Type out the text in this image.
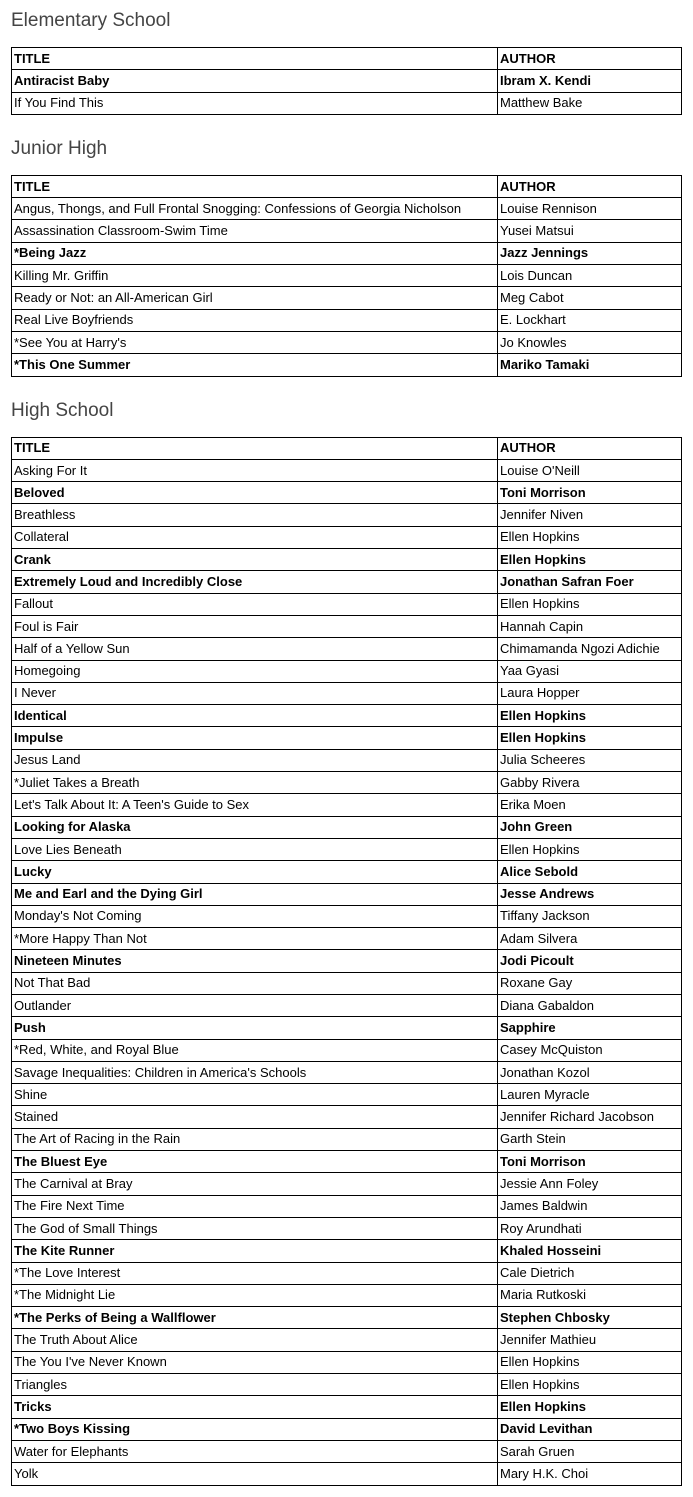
Elementary School
TITLE	AUTHOR
Antiracist Baby	Ibram X. Kendi
If You Find This	Matthew Bake
Junior High
TITLE	AUTHOR
Angus, Thongs, and Full Frontal Snogging: Confessions of Georgia Nicholson	Louise Rennison
Assassination Classroom-Swim Time	Yusei Matsui
*Being Jazz	Jazz Jennings
Killing Mr. Griffin	Lois Duncan
Ready or Not: an All-American Girl	Meg Cabot
Real Live Boyfriends	E. Lockhart
*See You at Harry's	Jo Knowles
*This One Summer	Mariko Tamaki
High School
TITLE	AUTHOR
Asking For It	Louise O'Neill
Beloved	Toni Morrison
Breathless	Jennifer Niven
Collateral	Ellen Hopkins
Crank	Ellen Hopkins
Extremely Loud and Incredibly Close	Jonathan Safran Foer
Fallout	Ellen Hopkins
Foul is Fair	Hannah Capin
Half of a Yellow Sun	Chimamanda Ngozi Adichie
Homegoing	Yaa Gyasi
I Never	Laura Hopper
Identical	Ellen Hopkins
Impulse	Ellen Hopkins
Jesus Land	Julia Scheeres
*Juliet Takes a Breath	Gabby Rivera
Let's Talk About It: A Teen's Guide to Sex	Erika Moen
Looking for Alaska	John Green
Love Lies Beneath	Ellen Hopkins
Lucky	Alice Sebold
Me and Earl and the Dying Girl	Jesse Andrews
Monday's Not Coming	Tiffany Jackson
*More Happy Than Not	Adam Silvera
Nineteen Minutes	Jodi Picoult
Not That Bad	Roxane Gay
Outlander	Diana Gabaldon
Push	Sapphire
*Red, White, and Royal Blue	Casey McQuiston
Savage Inequalities: Children in America's Schools	Jonathan Kozol
Shine	Lauren Myracle
Stained	Jennifer Richard Jacobson
The Art of Racing in the Rain	Garth Stein
The Bluest Eye	Toni Morrison
The Carnival at Bray	Jessie Ann Foley
The Fire Next Time	James Baldwin
The God of Small Things	Roy Arundhati
The Kite Runner	Khaled Hosseini
*The Love Interest	Cale Dietrich
*The Midnight Lie	Maria Rutkoski
*The Perks of Being a Wallflower	Stephen Chbosky
The Truth About Alice	Jennifer Mathieu
The You I've Never Known	Ellen Hopkins
Triangles	Ellen Hopkins
Tricks	Ellen Hopkins
*Two Boys Kissing	David Levithan
Water for Elephants	Sarah Gruen
Yolk	Mary H.K. Choi
